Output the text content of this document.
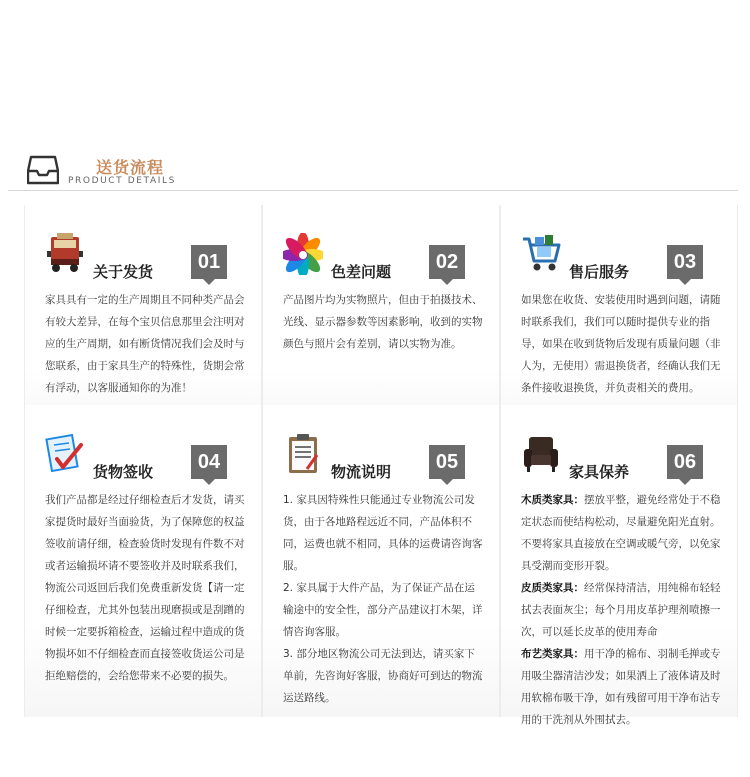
送货流程
PRODUCT DETAILS
关于发货	01

家具具有一定的生产周期且不同种类产品会有较大差异，在每个宝贝信息那里会注明对应的生产周期，如有断货情况我们会及时与您联系，由于家具生产的特殊性，货期会常有浮动，以客服通知你的为准！

色差问题	02

产品图片均为实物照片，但由于拍摄技术、光线、显示器参数等因素影响，收到的实物颜色与照片会有差别，请以实物为准。

售后服务	03

如果您在收货、安装使用时遇到问题，请随时联系我们，我们可以随时提供专业的指导，如果在收到货物后发现有质量问题（非人为，无使用）需退换货者，经确认我们无条件接收退换货，并负责相关的费用。

货物签收	04

我们产品都是经过仔细检查后才发货，请买家提货时最好当面验货，为了保障您的权益签收前请仔细，检查验货时发现有件数不对或者运输损坏请不要签收并及时联系我们，物流公司返回后我们免费重新发货【请一定仔细检查，尤其外包装出现磨损或是刮蹭的时候一定要拆箱检查，运输过程中造成的货物损坏如不仔细检查而直接签收货运公司是拒绝赔偿的，会给您带来不必要的损失。

物流说明	05

1. 家具因特殊性只能通过专业物流公司发货，由于各地路程远近不同，产品体积不同，运费也就不相同，具体的运费请咨询客服。

2. 家具属于大件产品，为了保证产品在运输途中的安全性，部分产品建议打木架，详情咨询客服。

3. 部分地区物流公司无法到达，请买家下单前，先咨询好客服，协商好可到达的物流运送路线。

家具保养	06

木质类家具：摆放平整，避免经常处于不稳定状态而使结构松动，尽量避免阳光直射。不要将家具直接放在空调或暖气旁，以免家具受潮而变形开裂。

皮质类家具：经常保持清洁，用纯棉布轻轻拭去表面灰尘；每个月用皮革护理剂喷擦一次，可以延长皮革的使用寿命

布艺类家具：用干净的棉布、羽制毛掸或专用吸尘器清洁沙发；如果洒上了液体请及时用软棉布吸干净，如有残留可用干净布沾专用的干洗剂从外围拭去。
